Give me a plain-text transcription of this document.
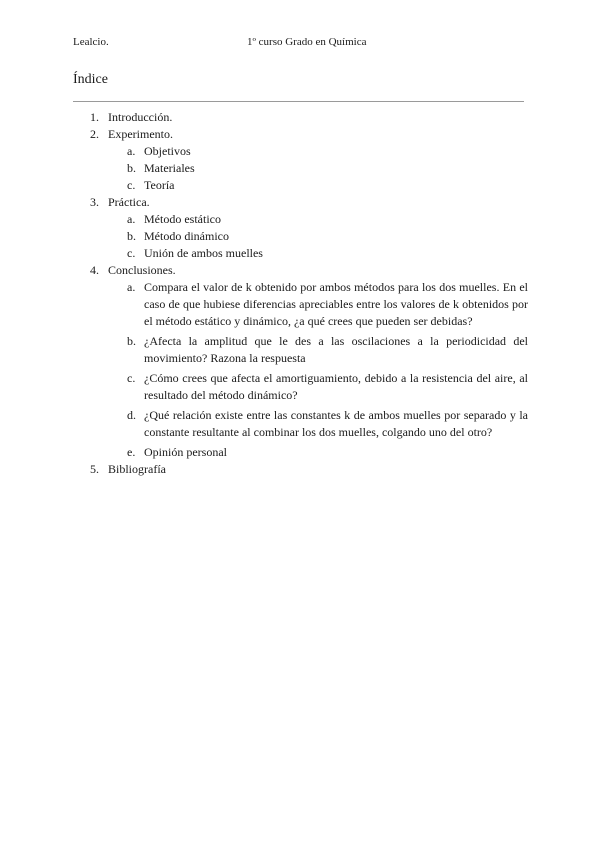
Lealcio.	1º curso Grado en Química
Índice
1. Introducción.
2. Experimento.
a. Objetivos
b. Materiales
c. Teoría
3. Práctica.
a. Método estático
b. Método dinámico
c. Unión de ambos muelles
4. Conclusiones.
a. Compara el valor de k obtenido por ambos métodos para los dos muelles. En el caso de que hubiese diferencias apreciables entre los valores de k obtenidos por el método estático y dinámico, ¿a qué crees que pueden ser debidas?
b. ¿Afecta la amplitud que le des a las oscilaciones a la periodicidad del movimiento? Razona la respuesta
c. ¿Cómo crees que afecta el amortiguamiento, debido a la resistencia del aire, al resultado del método dinámico?
d. ¿Qué relación existe entre las constantes k de ambos muelles por separado y la constante resultante al combinar los dos muelles, colgando uno del otro?
e. Opinión personal
5. Bibliografía
